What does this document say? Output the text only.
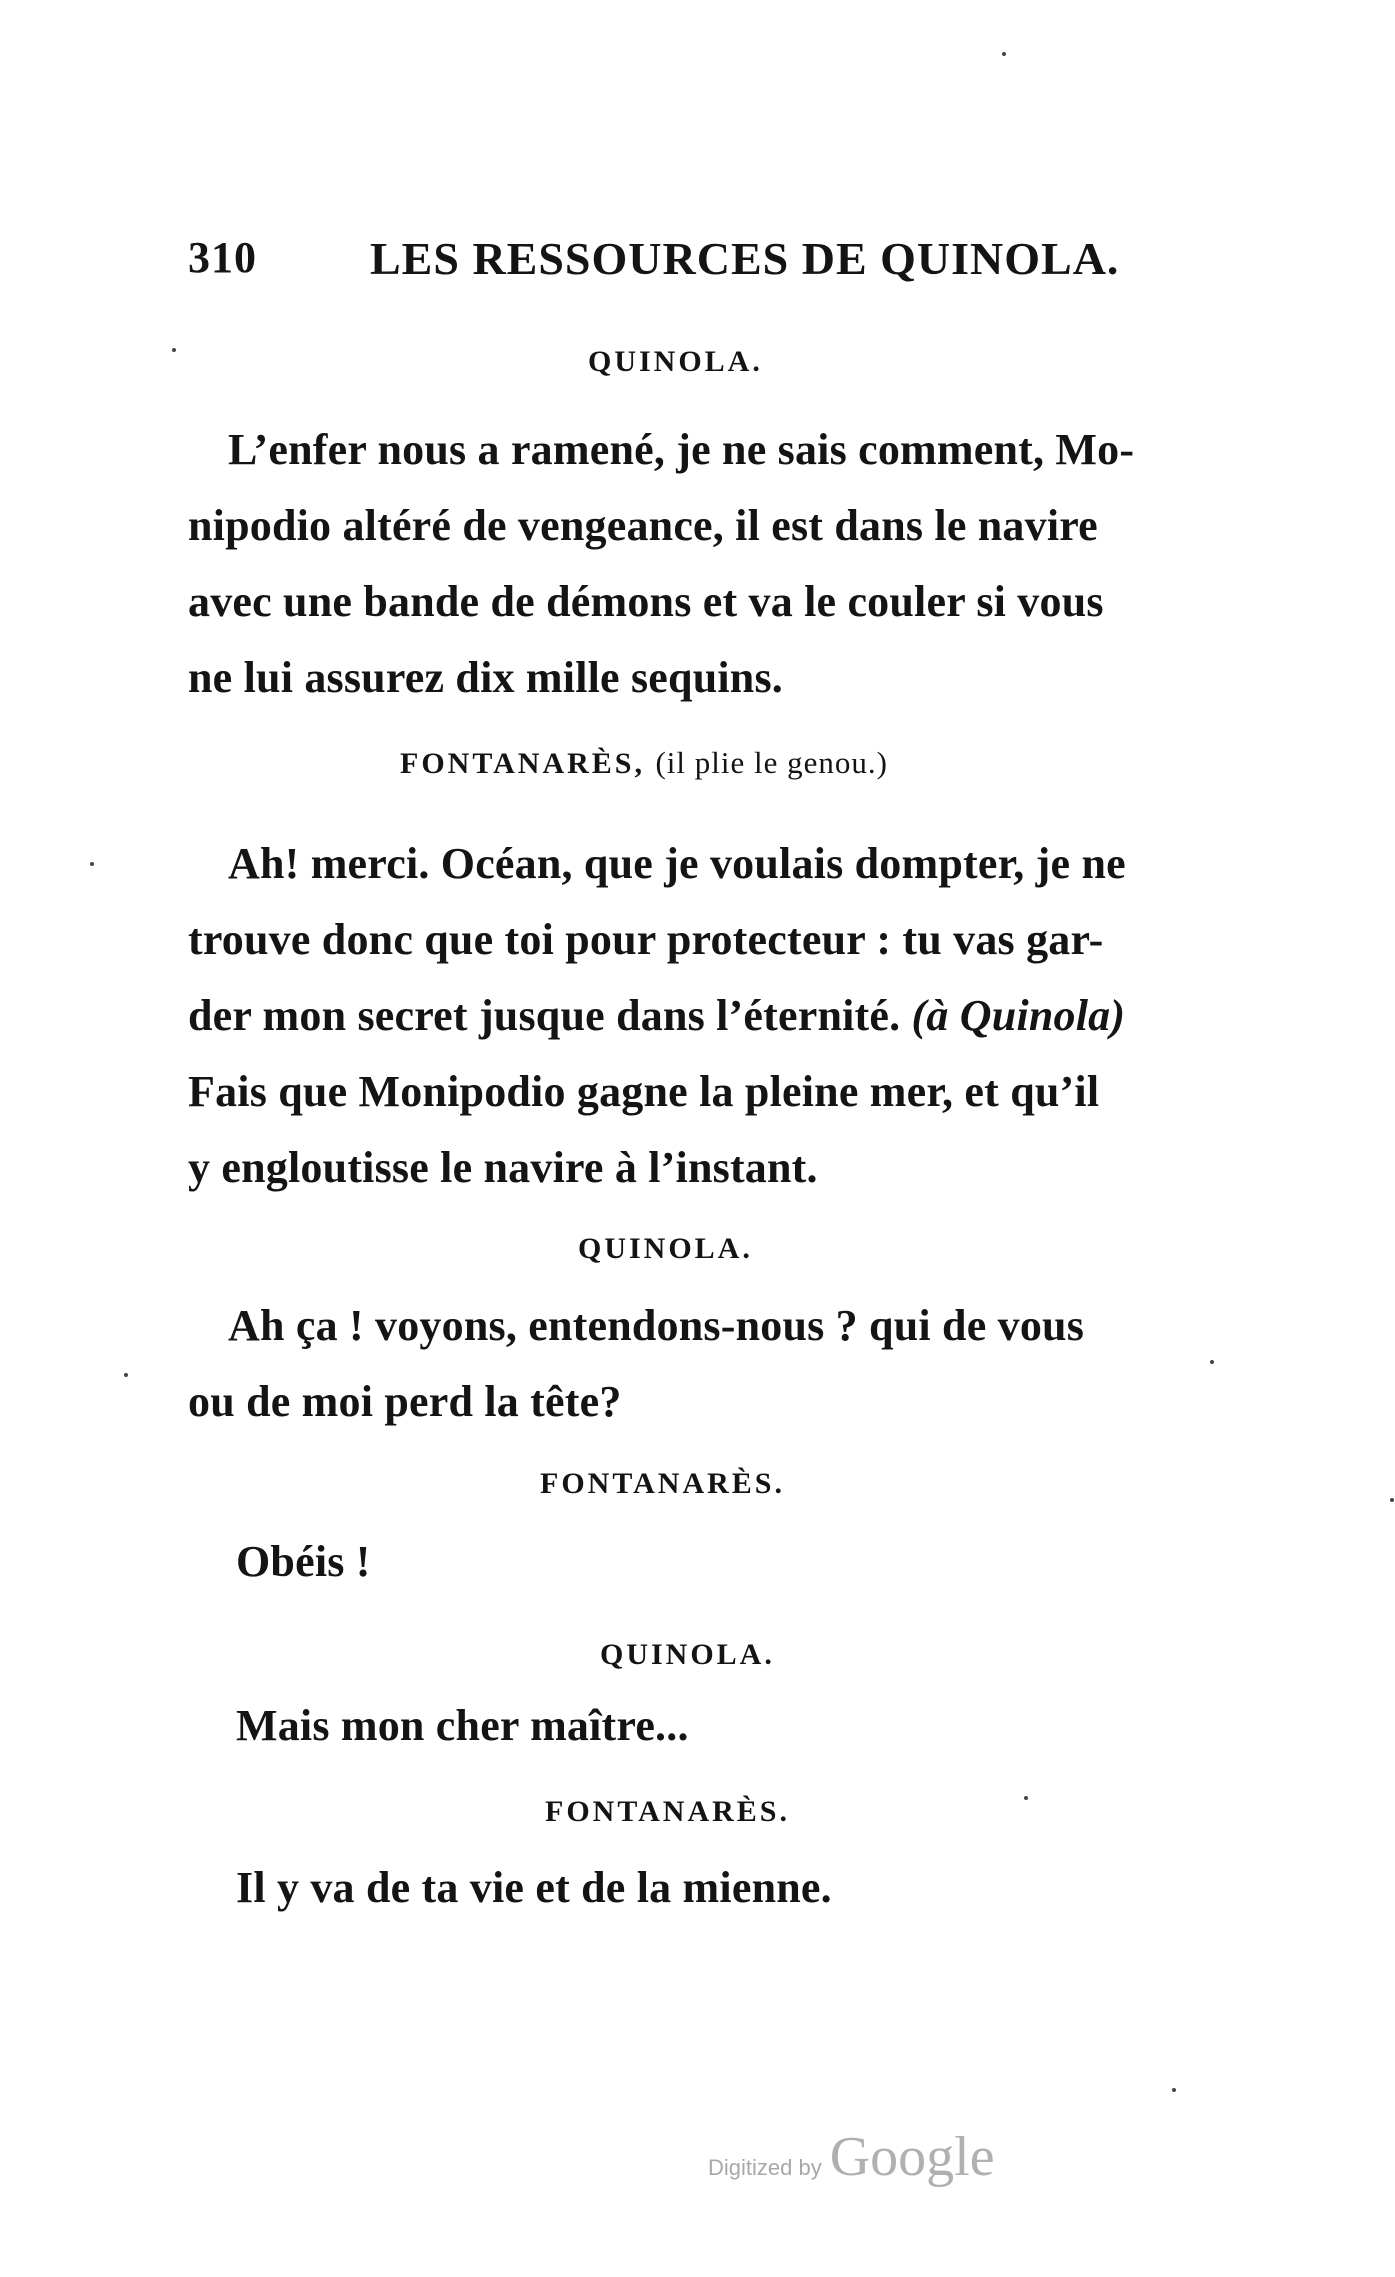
310 LES RESSOURCES DE QUINOLA.
QUINOLA.
L’enfer nous a ramené, je ne sais comment, Mo-
nipodio altéré de vengeance, il est dans le navire
avec une bande de démons et va le couler si vous
ne lui assurez dix mille sequins.
FONTANARÈS, (il plie le genou.)
Ah! merci. Océan, que je voulais dompter, je ne
trouve donc que toi pour protecteur : tu vas gar-
der mon secret jusque dans l’éternité. (à Quinola)
Fais que Monipodio gagne la pleine mer, et qu’il
y engloutisse le navire à l’instant.
QUINOLA.
Ah ça ! voyons, entendons-nous ? qui de vous
ou de moi perd la tête?
FONTANARÈS.
Obéis !
QUINOLA.
Mais mon cher maître...
FONTANARÈS.
Il y va de ta vie et de la mienne.
Digitized by Google
